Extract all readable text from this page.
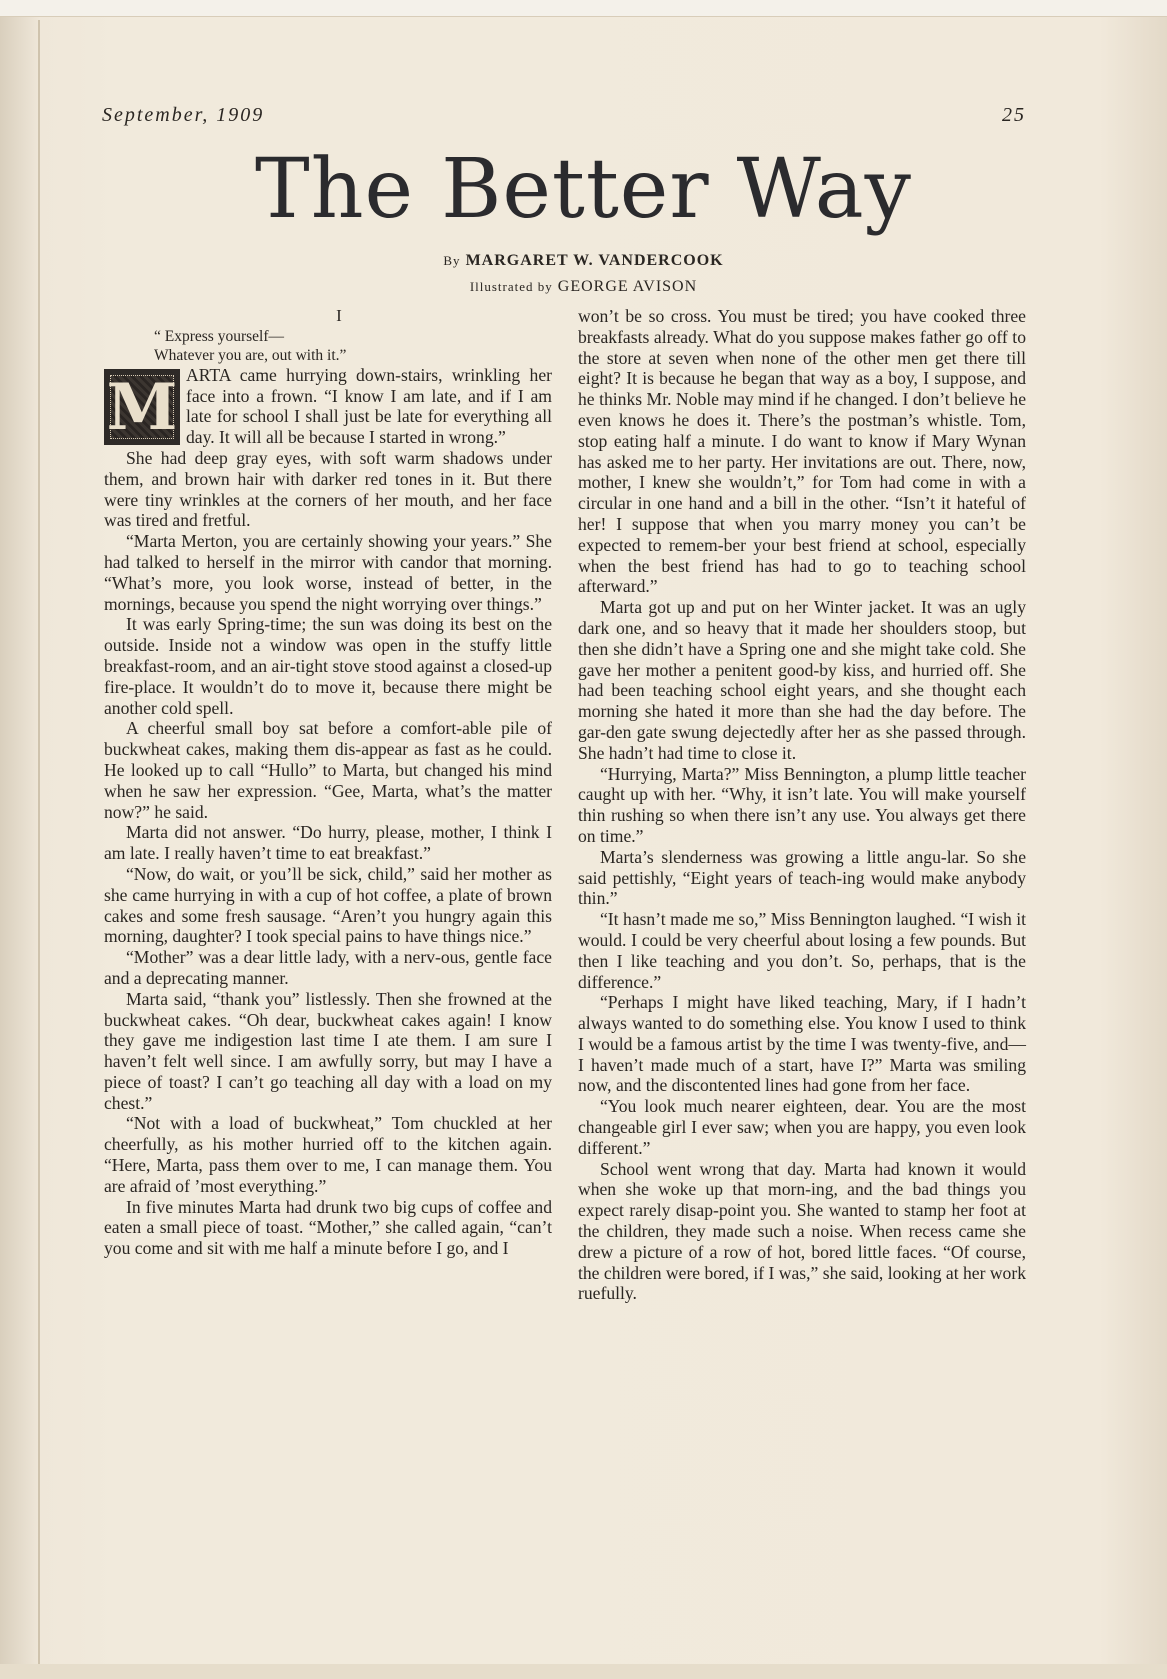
September, 1909	25
The Better Way
By MARGARET W. VANDERCOOK
Illustrated by GEORGE AVISON

I

“ Express yourself—
Whatever you are, out with it.”
M ARTA came hurrying down-stairs, wrinkling her face into a frown. “I know I am late, and if I am late for school I shall just be late for everything all day. It will all be because I started in wrong.”

She had deep gray eyes, with soft warm shadows under them, and brown hair with darker red tones in it. But there were tiny wrinkles at the corners of her mouth, and her face was tired and fretful.

“Marta Merton, you are certainly showing your years.” She had talked to herself in the mirror with candor that morning. “What’s more, you look worse, instead of better, in the mornings, because you spend the night worrying over things.”

It was early Spring-time; the sun was doing its best on the outside. Inside not a window was open in the stuffy little breakfast-room, and an air-tight stove stood against a closed-up fire-place. It wouldn’t do to move it, because there might be another cold spell.

A cheerful small boy sat before a comfort-able pile of buckwheat cakes, making them dis-appear as fast as he could. He looked up to call “Hullo” to Marta, but changed his mind when he saw her expression. “Gee, Marta, what’s the matter now?” he said.

Marta did not answer. “Do hurry, please, mother, I think I am late. I really haven’t time to eat breakfast.”

“Now, do wait, or you’ll be sick, child,” said her mother as she came hurrying in with a cup of hot coffee, a plate of brown cakes and some fresh sausage. “Aren’t you hungry again this morning, daughter? I took special pains to have things nice.”

“Mother” was a dear little lady, with a nerv-ous, gentle face and a deprecating manner.

Marta said, “thank you” listlessly. Then she frowned at the buckwheat cakes. “Oh dear, buckwheat cakes again! I know they gave me indigestion last time I ate them. I am sure I haven’t felt well since. I am awfully sorry, but may I have a piece of toast? I can’t go teaching all day with a load on my chest.”

“Not with a load of buckwheat,” Tom chuckled at her cheerfully, as his mother hurried off to the kitchen again. “Here, Marta, pass them over to me, I can manage them. You are afraid of ’most everything.”

In five minutes Marta had drunk two big cups of coffee and eaten a small piece of toast. “Mother,” she called again, “can’t you come and sit with me half a minute before I go, and I

won’t be so cross. You must be tired; you have cooked three breakfasts already. What do you suppose makes father go off to the store at seven when none of the other men get there till eight? It is because he began that way as a boy, I suppose, and he thinks Mr. Noble may mind if he changed. I don’t believe he even knows he does it. There’s the postman’s whistle. Tom, stop eating half a minute. I do want to know if Mary Wynan has asked me to her party. Her invitations are out. There, now, mother, I knew she wouldn’t,” for Tom had come in with a circular in one hand and a bill in the other. “Isn’t it hateful of her! I suppose that when you marry money you can’t be expected to remem-ber your best friend at school, especially when the best friend has had to go to teaching school afterward.”

Marta got up and put on her Winter jacket. It was an ugly dark one, and so heavy that it made her shoulders stoop, but then she didn’t have a Spring one and she might take cold. She gave her mother a penitent good-by kiss, and hurried off. She had been teaching school eight years, and she thought each morning she hated it more than she had the day before. The gar-den gate swung dejectedly after her as she passed through. She hadn’t had time to close it.

“Hurrying, Marta?” Miss Bennington, a plump little teacher caught up with her. “Why, it isn’t late. You will make yourself thin rushing so when there isn’t any use. You always get there on time.”

Marta’s slenderness was growing a little angu-lar. So she said pettishly, “Eight years of teach-ing would make anybody thin.”

“It hasn’t made me so,” Miss Bennington laughed. “I wish it would. I could be very cheerful about losing a few pounds. But then I like teaching and you don’t. So, perhaps, that is the difference.”

“Perhaps I might have liked teaching, Mary, if I hadn’t always wanted to do something else. You know I used to think I would be a famous artist by the time I was twenty-five, and—I haven’t made much of a start, have I?” Marta was smiling now, and the discontented lines had gone from her face.

“You look much nearer eighteen, dear. You are the most changeable girl I ever saw; when you are happy, you even look different.”

School went wrong that day. Marta had known it would when she woke up that morn-ing, and the bad things you expect rarely disap-point you. She wanted to stamp her foot at the children, they made such a noise. When recess came she drew a picture of a row of hot, bored little faces. “Of course, the children were bored, if I was,” she said, looking at her work ruefully.
